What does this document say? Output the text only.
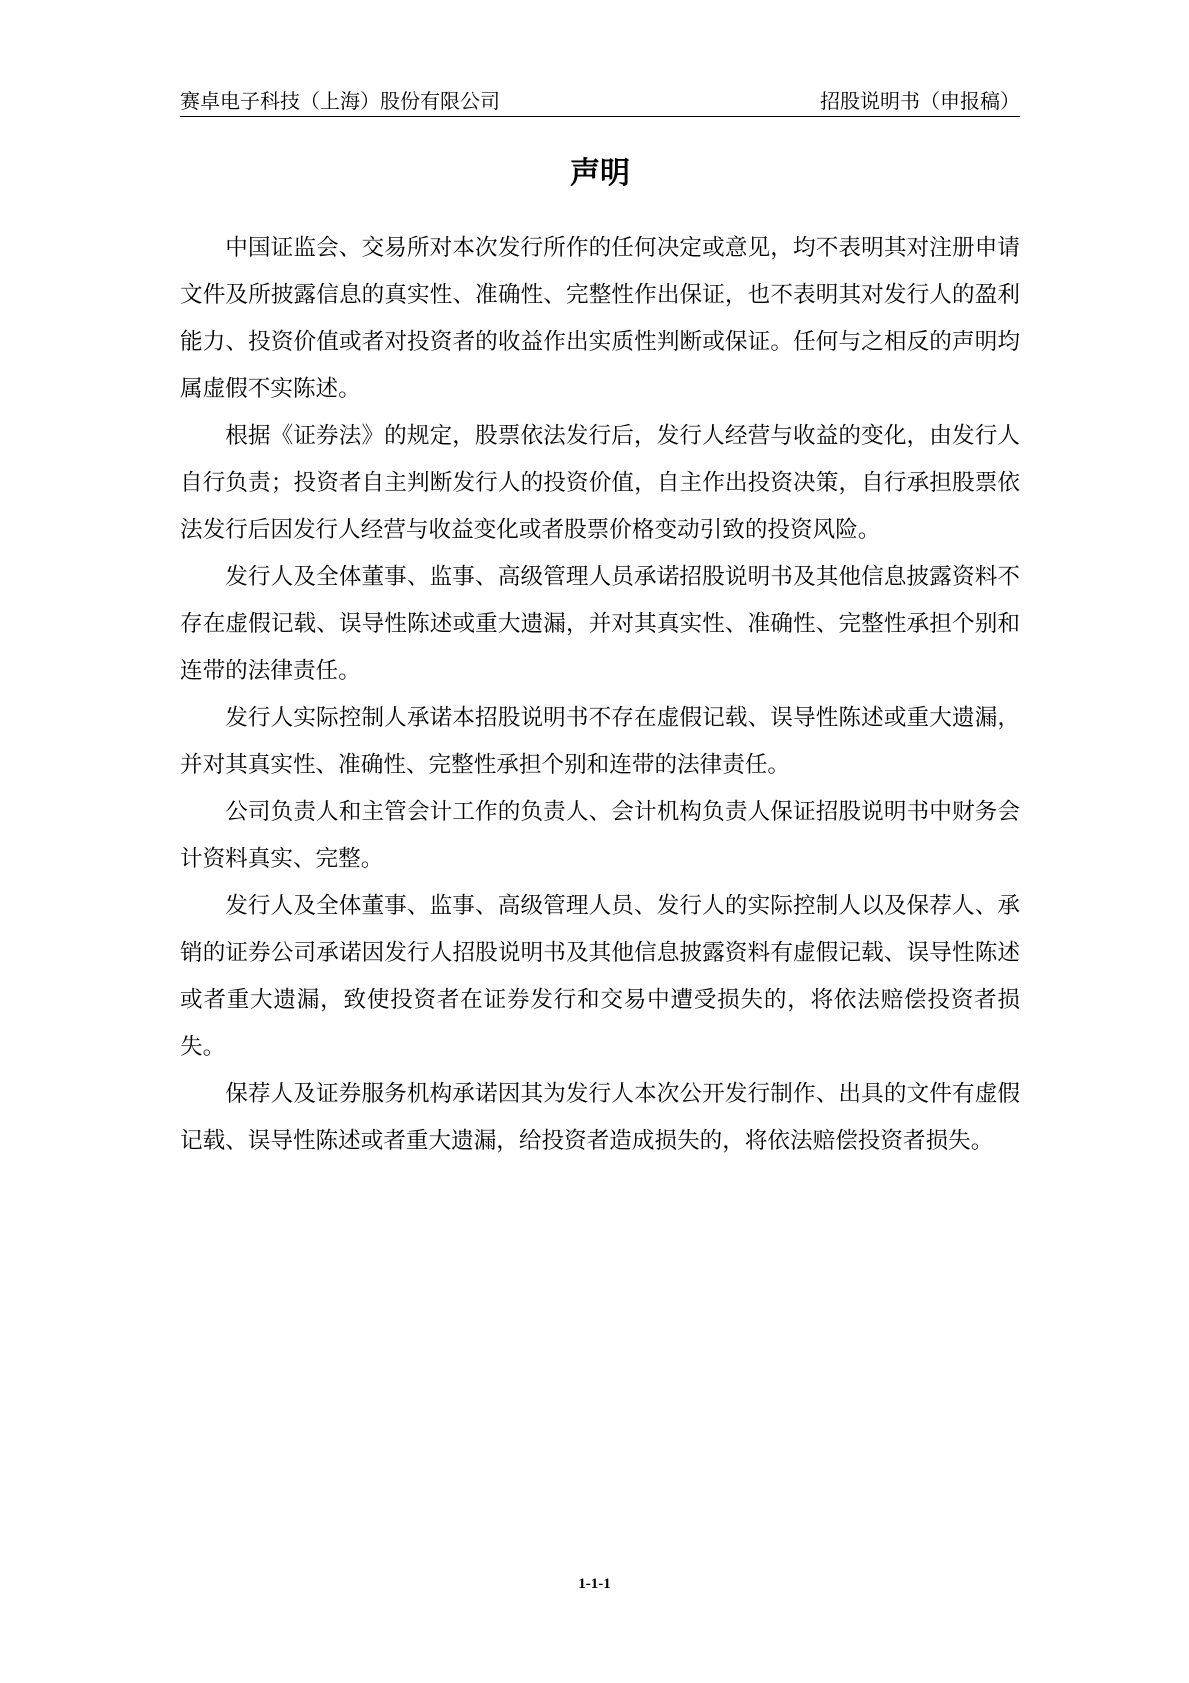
赛卓电子科技（上海）股份有限公司	招股说明书（申报稿）
声明

中国证监会、交易所对本次发行所作的任何决定或意见，均不表明其对注册申请文件及所披露信息的真实性、准确性、完整性作出保证，也不表明其对发行人的盈利能力、投资价值或者对投资者的收益作出实质性判断或保证。任何与之相反的声明均属虚假不实陈述。

根据《证券法》的规定，股票依法发行后，发行人经营与收益的变化，由发行人自行负责；投资者自主判断发行人的投资价值，自主作出投资决策，自行承担股票依法发行后因发行人经营与收益变化或者股票价格变动引致的投资风险。

发行人及全体董事、监事、高级管理人员承诺招股说明书及其他信息披露资料不存在虚假记载、误导性陈述或重大遗漏，并对其真实性、准确性、完整性承担个别和连带的法律责任。

发行人实际控制人承诺本招股说明书不存在虚假记载、误导性陈述或重大遗漏，并对其真实性、准确性、完整性承担个别和连带的法律责任。

公司负责人和主管会计工作的负责人、会计机构负责人保证招股说明书中财务会计资料真实、完整。

发行人及全体董事、监事、高级管理人员、发行人的实际控制人以及保荐人、承销的证券公司承诺因发行人招股说明书及其他信息披露资料有虚假记载、误导性陈述或者重大遗漏，致使投资者在证券发行和交易中遭受损失的，将依法赔偿投资者损失。

保荐人及证券服务机构承诺因其为发行人本次公开发行制作、出具的文件有虚假记载、误导性陈述或者重大遗漏，给投资者造成损失的，将依法赔偿投资者损失。

1-1-1
